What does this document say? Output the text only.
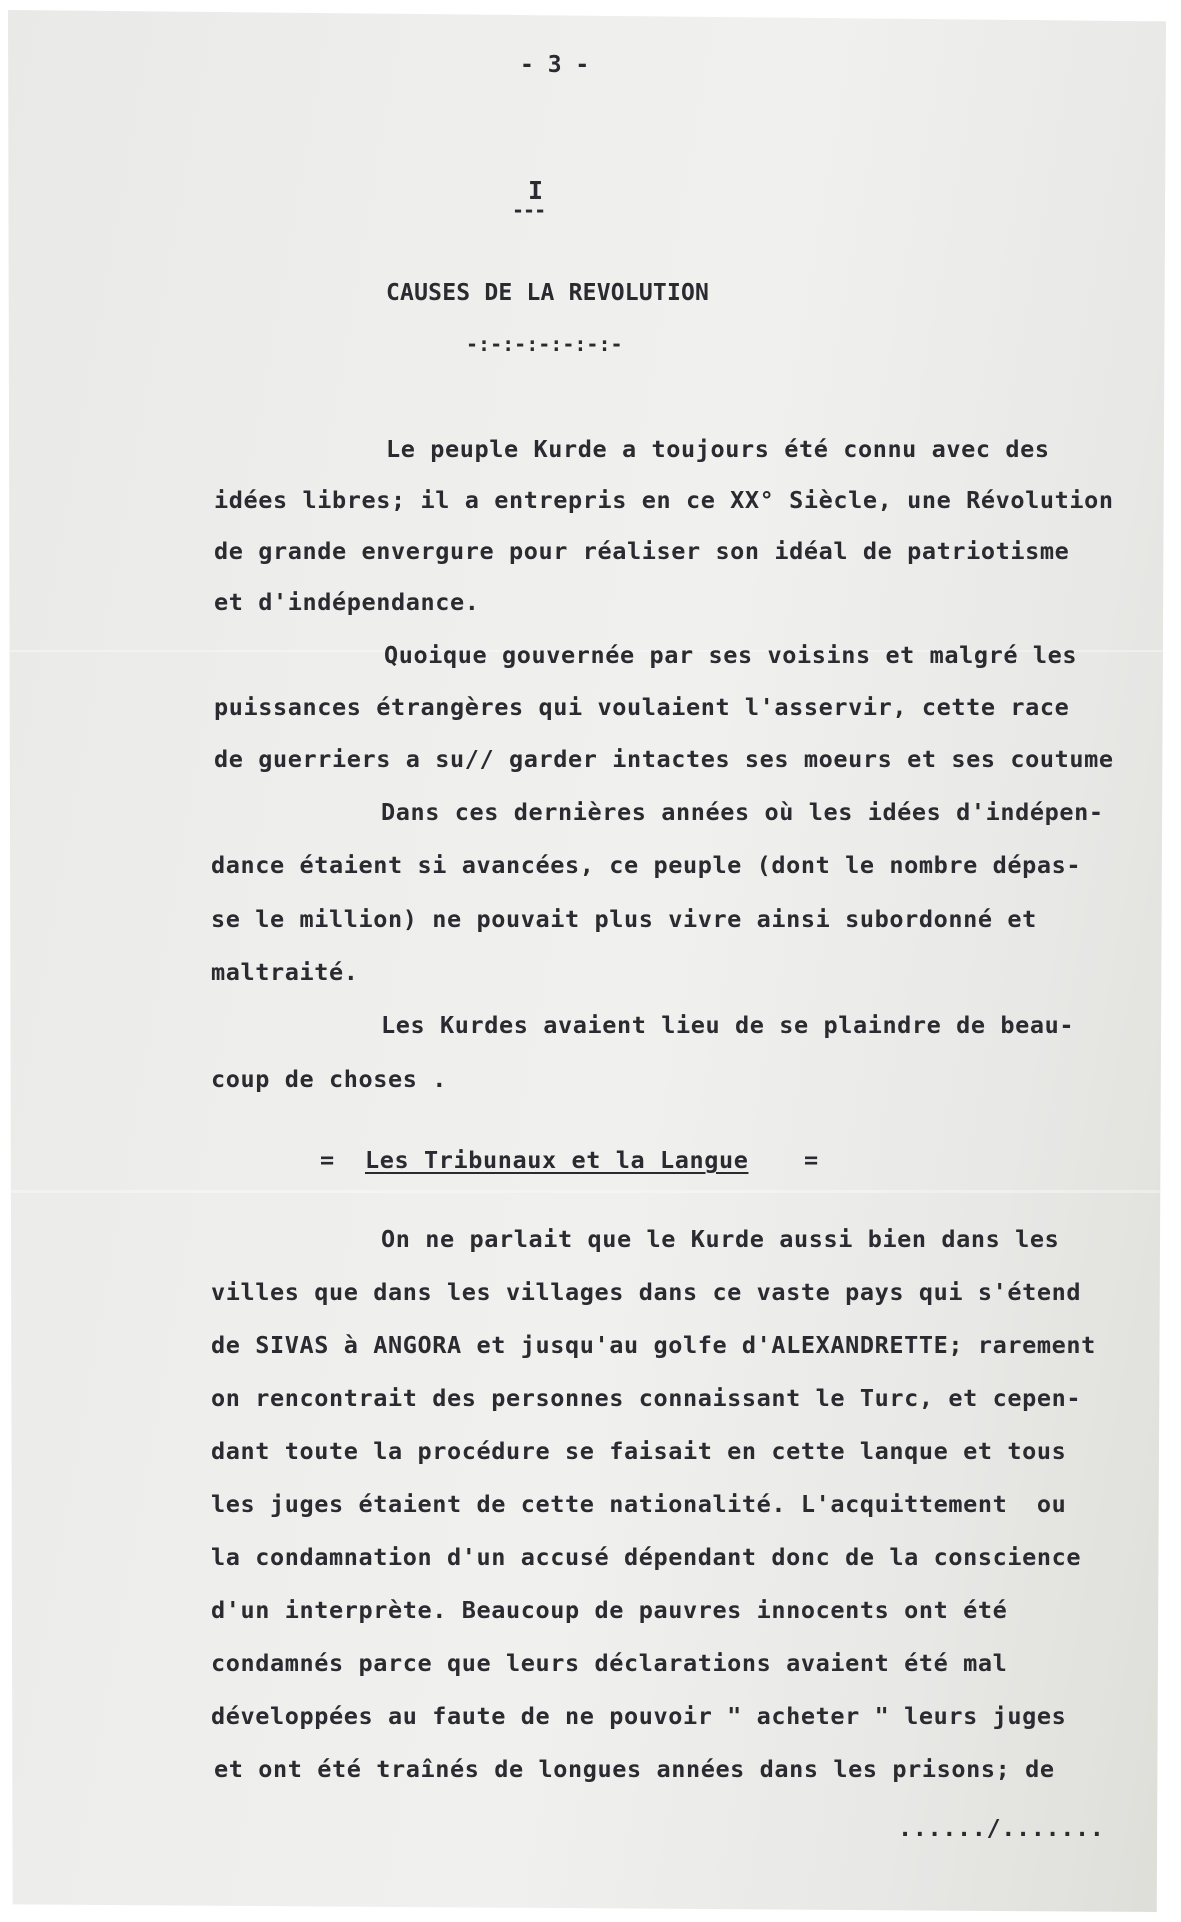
- 3 -
I
---
CAUSES DE LA REVOLUTION
-:-:-:-:-:-:-
Le peuple Kurde a toujours été connu avec des
idées libres; il a entrepris en ce XX° Siècle, une Révolution
de grande envergure pour réaliser son idéal de patriotisme
et d'indépendance.
Quoique gouvernée par ses voisins et malgré les
puissances étrangères qui voulaient l'asservir, cette race
de guerriers a su// garder intactes ses moeurs et ses coutume
Dans ces dernières années où les idées d'indépen-
dance étaient si avancées, ce peuple (dont le nombre dépas-
se le million) ne pouvait plus vivre ainsi subordonné et
maltraité.
Les Kurdes avaient lieu de se plaindre de beau-
coup de choses .
= Les Tribunaux et la Langue =
On ne parlait que le Kurde aussi bien dans les
villes que dans les villages dans ce vaste pays qui s'étend
de SIVAS à ANGORA et jusqu'au golfe d'ALEXANDRETTE; rarement
on rencontrait des personnes connaissant le Turc, et cepen-
dant toute la procédure se faisait en cette lanque et tous
les juges étaient de cette nationalité. L'acquittement  ou
la condamnation d'un accusé dépendant donc de la conscience
d'un interprète. Beaucoup de pauvres innocents ont été
condamnés parce que leurs déclarations avaient été mal
développées au faute de ne pouvoir " acheter " leurs juges
et ont été traînés de longues années dans les prisons; de
....../.......
